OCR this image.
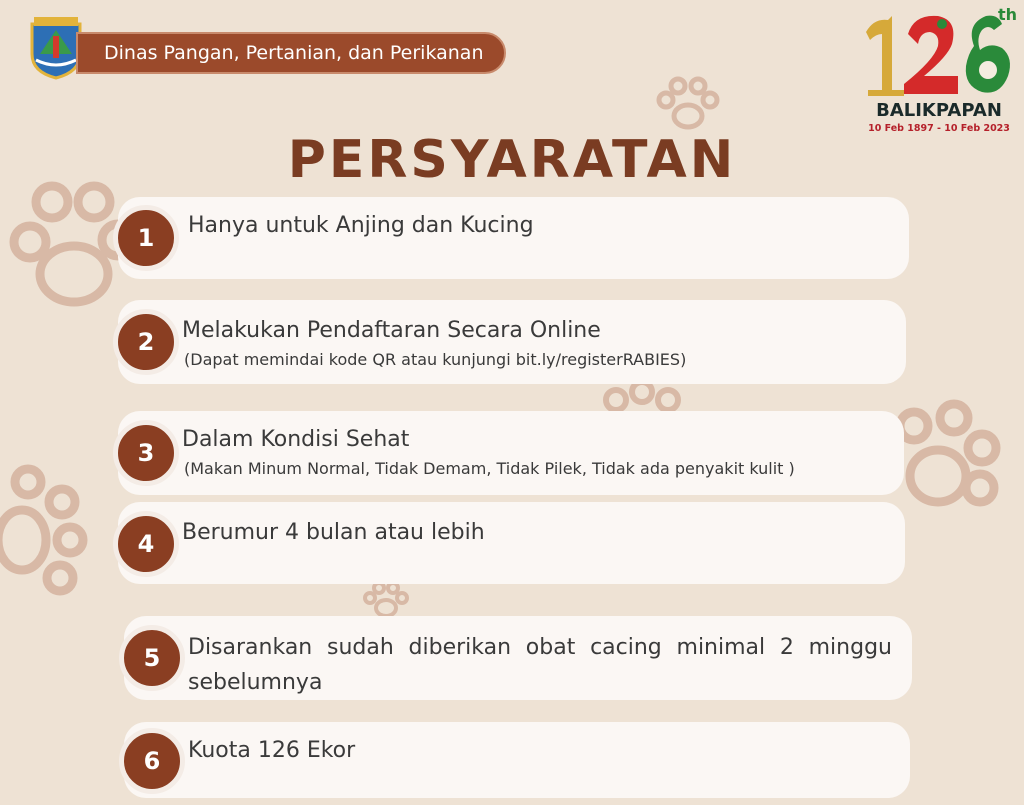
Dinas Pangan, Pertanian, dan Perikanan
th
BALIKPAPAN
10 Feb 1897 - 10 Feb 2023
PERSYARATAN
1	Hanya untuk Anjing dan Kucing
2	Melakukan Pendaftaran Secara Online
(Dapat memindai kode QR atau kunjungi bit.ly/registerRABIES)
3	Dalam Kondisi Sehat
(Makan Minum Normal, Tidak Demam, Tidak Pilek, Tidak ada penyakit kulit )
4	Berumur 4 bulan atau lebih
5	Disarankan sudah diberikan obat cacing minimal 2 minggu sebelumnya
6	Kuota 126 Ekor
